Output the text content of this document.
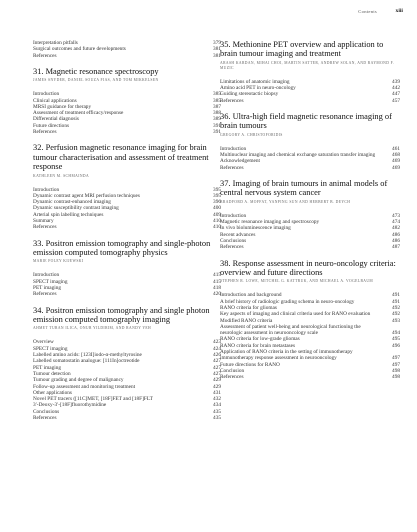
Contents	xiii
Interpretation pitfalls	379
Surgical outcomes and future developments	381
References	381
31. Magnetic resonance spectroscopy
JAMES SNYDER, DANIEL SOUZA FIAS, AND TOM MIKKELSEN
Introduction	385
Clinical applications	385
MRSI guidance for therapy	387
Assessment of treatment efficacy/response	388
Differential diagnosis	389
Future directions	391
References	391
32. Perfusion magnetic resonance imaging for brain tumour characterisation and assessment of treatment response
KATHLEEN M. SCHMAINDA
Introduction	395
Dynamic contrast agent MRI perfusion techniques	395
Dynamic contrast-enhanced imaging	396
Dynamic susceptibility contrast imaging	400
Arterial spin labelling techniques	409
Summary	410
References	410
33. Positron emission tomography and single-photon emission computed tomography physics
MARIE FOLEY KIJEWSKI
Introduction	415
SPECT imaging	415
PET imaging	418
References	420
34. Positron emission tomography and single photon emission computed tomography imaging
AHMET TURAN ILICA, ONUR YILDIRIM, AND RANDY YEH
Overview	423
SPECT imaging	424
Labelled amino acids: [123I]iodo-α-methyltyrosine	426
Labelled somatostatin analogue: [111In]octreotide	427
PET imaging	427
Tumour detection	427
Tumour grading and degree of malignancy	429
Follow-up assessment and monitoring treatment	429
Other applications	431
Novel PET tracers ([11C]MET, [18F]FET and [18F]FLT	432
3′-Deoxy-3′-[18F]fluorothymidine	434
Conclusions	435
References	435
35. Methionine PET overview and application to brain tumour imaging and treatment
ARASH KARDAN, MIHAI CHOI, MARTIN SATTER, ANDREW SOLAN, AND RAYMOND F. MUZIC
Limitations of anatomic imaging	439
Amino acid PET in neuro-oncology	442
Guiding stereotactic biopsy	447
References	457
36. Ultra-high field magnetic resonance imaging of brain tumours
GREGORY A. CHRISTOFORIDIS
Introduction	461
Multinuclear imaging and chemical exchange saturation transfer imaging	468
Acknowledgement	469
References	469
37. Imaging of brain tumours in animal models of central nervous system cancer
BRADFORD A. MOFFAT, YANPING SUN AND HERBERT B. DEYCH
Introduction	473
Magnetic resonance imaging and spectroscopy	474
In vivo bioluminescence imaging	482
Recent advances	486
Conclusions	486
References	487
38. Response assessment in neuro-oncology criteria: overview and future directions
STEPHEN R. LOWE, MITCHEL G. KATTRUK, AND MICHAEL A. VOGELBAUM
Introduction and background	491
A brief history of radiologic grading schema in neuro-oncology	491
RANO criteria for gliomas	492
Key aspects of imaging and clinical criteria used for RANO evaluation	492
Modified RANO criteria	493
Assessment of patient well-being and neurological functioning the neurologic assessment in neurooncology scale	494
RANO criteria for low-grade gliomas	495
RANO criteria for brain metastases	496
Application of RANO criteria in the setting of immunotherapy immunotherapy response assessment in neurooncology	497
Future directions for RANO	497
Conclusion	498
References	498
